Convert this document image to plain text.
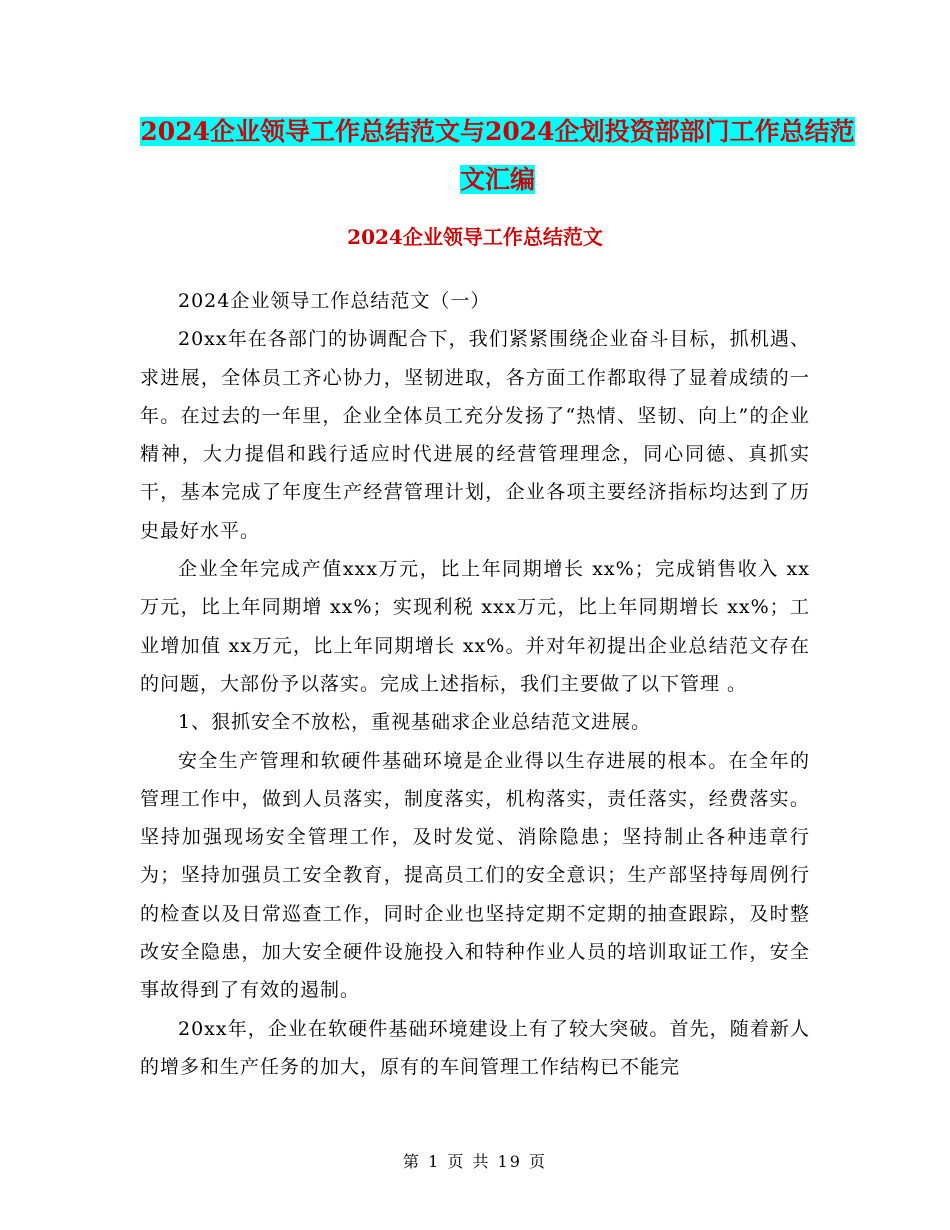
2024企业领导工作总结范文与2024企划投资部部门工作总结范文汇编
2024企业领导工作总结范文

2024企业领导工作总结范文（一）

20xx年在各部门的协调配合下，我们紧紧围绕企业奋斗目标，抓机遇、求进展，全体员工齐心协力，坚韧进取，各方面工作都取得了显着成绩的一年。在过去的一年里，企业全体员工充分发扬了“热情、坚韧、向上”的企业精神，大力提倡和践行适应时代进展的经营管理理念，同心同德、真抓实干，基本完成了年度生产经营管理计划，企业各项主要经济指标均达到了历史最好水平。

企业全年完成产值xxx万元，比上年同期增长 xx%；完成销售收入 xx万元，比上年同期增 xx%；实现利税 xxx万元，比上年同期增长 xx%；工业增加值 xx万元，比上年同期增长 xx%。并对年初提出企业总结范文存在的问题，大部份予以落实。完成上述指标，我们主要做了以下管理 。

1、狠抓安全不放松，重视基础求企业总结范文进展。

安全生产管理和软硬件基础环境是企业得以生存进展的根本。在全年的管理工作中，做到人员落实，制度落实，机构落实，责任落实，经费落实。坚持加强现场安全管理工作，及时发觉、消除隐患；坚持制止各种违章行为；坚持加强员工安全教育，提高员工们的安全意识；生产部坚持每周例行的检查以及日常巡查工作，同时企业也坚持定期不定期的抽查跟踪，及时整改安全隐患，加大安全硬件设施投入和特种作业人员的培训取证工作，安全事故得到了有效的遏制。

20xx年，企业在软硬件基础环境建设上有了较大突破。首先，随着新人的增多和生产任务的加大，原有的车间管理工作结构已不能完

第 1 页 共 19 页
